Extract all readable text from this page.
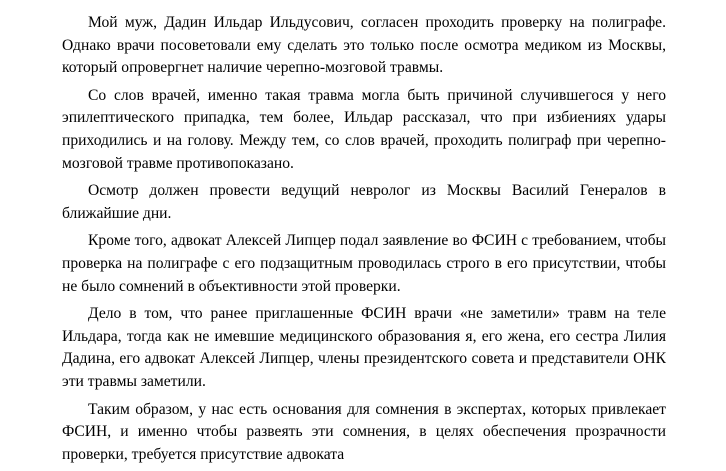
Мой муж, Дадин Ильдар Ильдусович, согласен проходить проверку на полиграфе. Однако врачи посоветовали ему сделать это только после осмотра медиком из Москвы, который опровергнет наличие черепно-мозговой травмы.

Со слов врачей, именно такая травма могла быть причиной случившегося у него эпилептического припадка, тем более, Ильдар рассказал, что при избиениях удары приходились и на голову. Между тем, со слов врачей, проходить полиграф при черепно-мозговой травме противопоказано.

Осмотр должен провести ведущий невролог из Москвы Василий Генералов в ближайшие дни.

Кроме того, адвокат Алексей Липцер подал заявление во ФСИН с требованием, чтобы проверка на полиграфе с его подзащитным проводилась строго в его присутствии, чтобы не было сомнений в объективности этой проверки.

Дело в том, что ранее приглашенные ФСИН врачи «не заметили» травм на теле Ильдара, тогда как не имевшие медицинского образования я, его жена, его сестра Лилия Дадина, его адвокат Алексей Липцер, члены президентского совета и представители ОНК эти травмы заметили.

Таким образом, у нас есть основания для сомнения в экспертах, которых привлекает ФСИН, и именно чтобы развеять эти сомнения, в целях обеспечения прозрачности проверки, требуется присутствие адвоката
